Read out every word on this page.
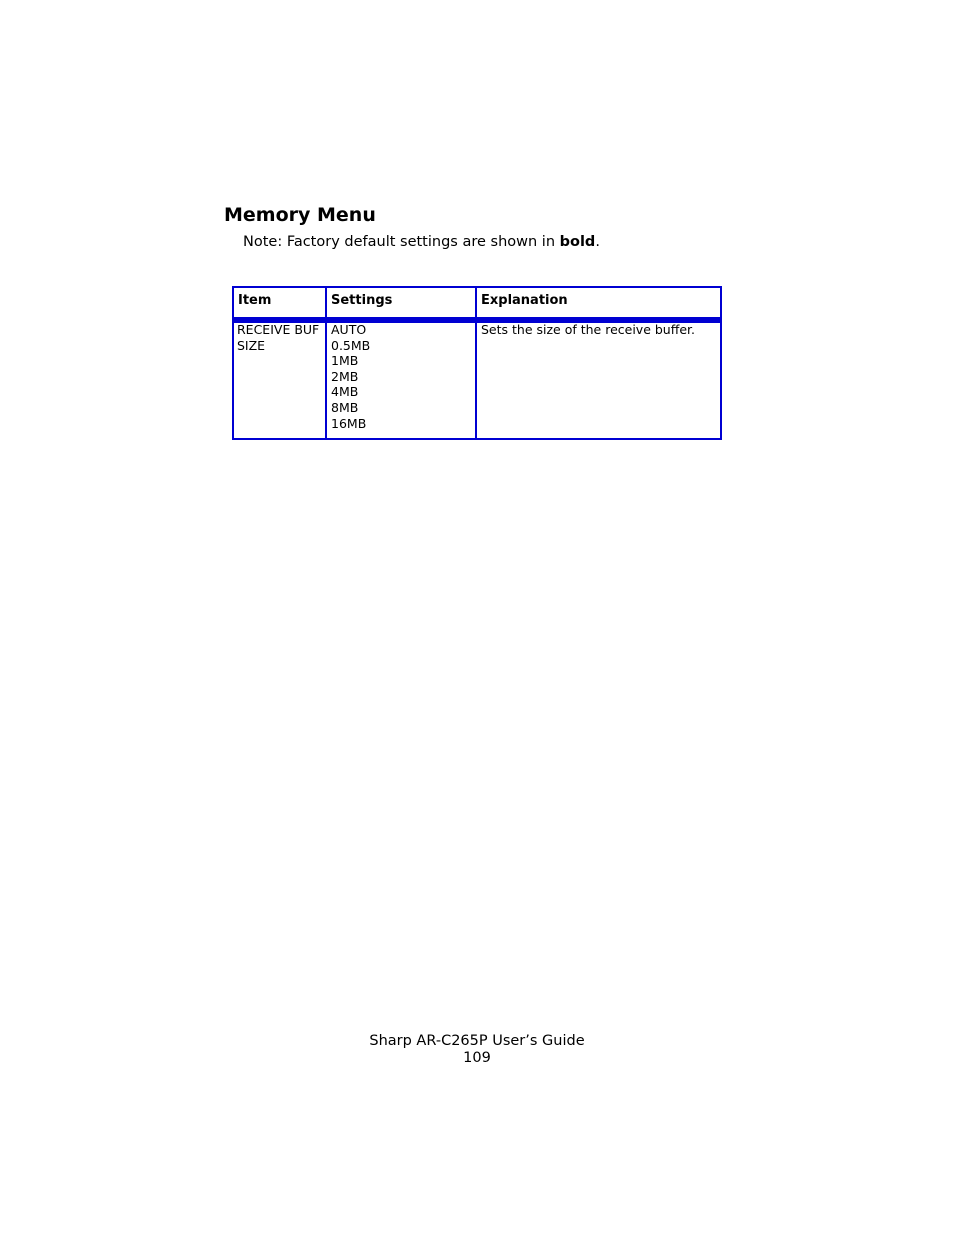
Memory Menu

Note: Factory default settings are shown in bold.

Item	Settings	Explanation
RECEIVE BUF
SIZE
AUTO
0.5MB
1MB
2MB
4MB
8MB
16MB
Sets the size of the receive buffer.
Sharp AR-C265P User’s Guide
109
